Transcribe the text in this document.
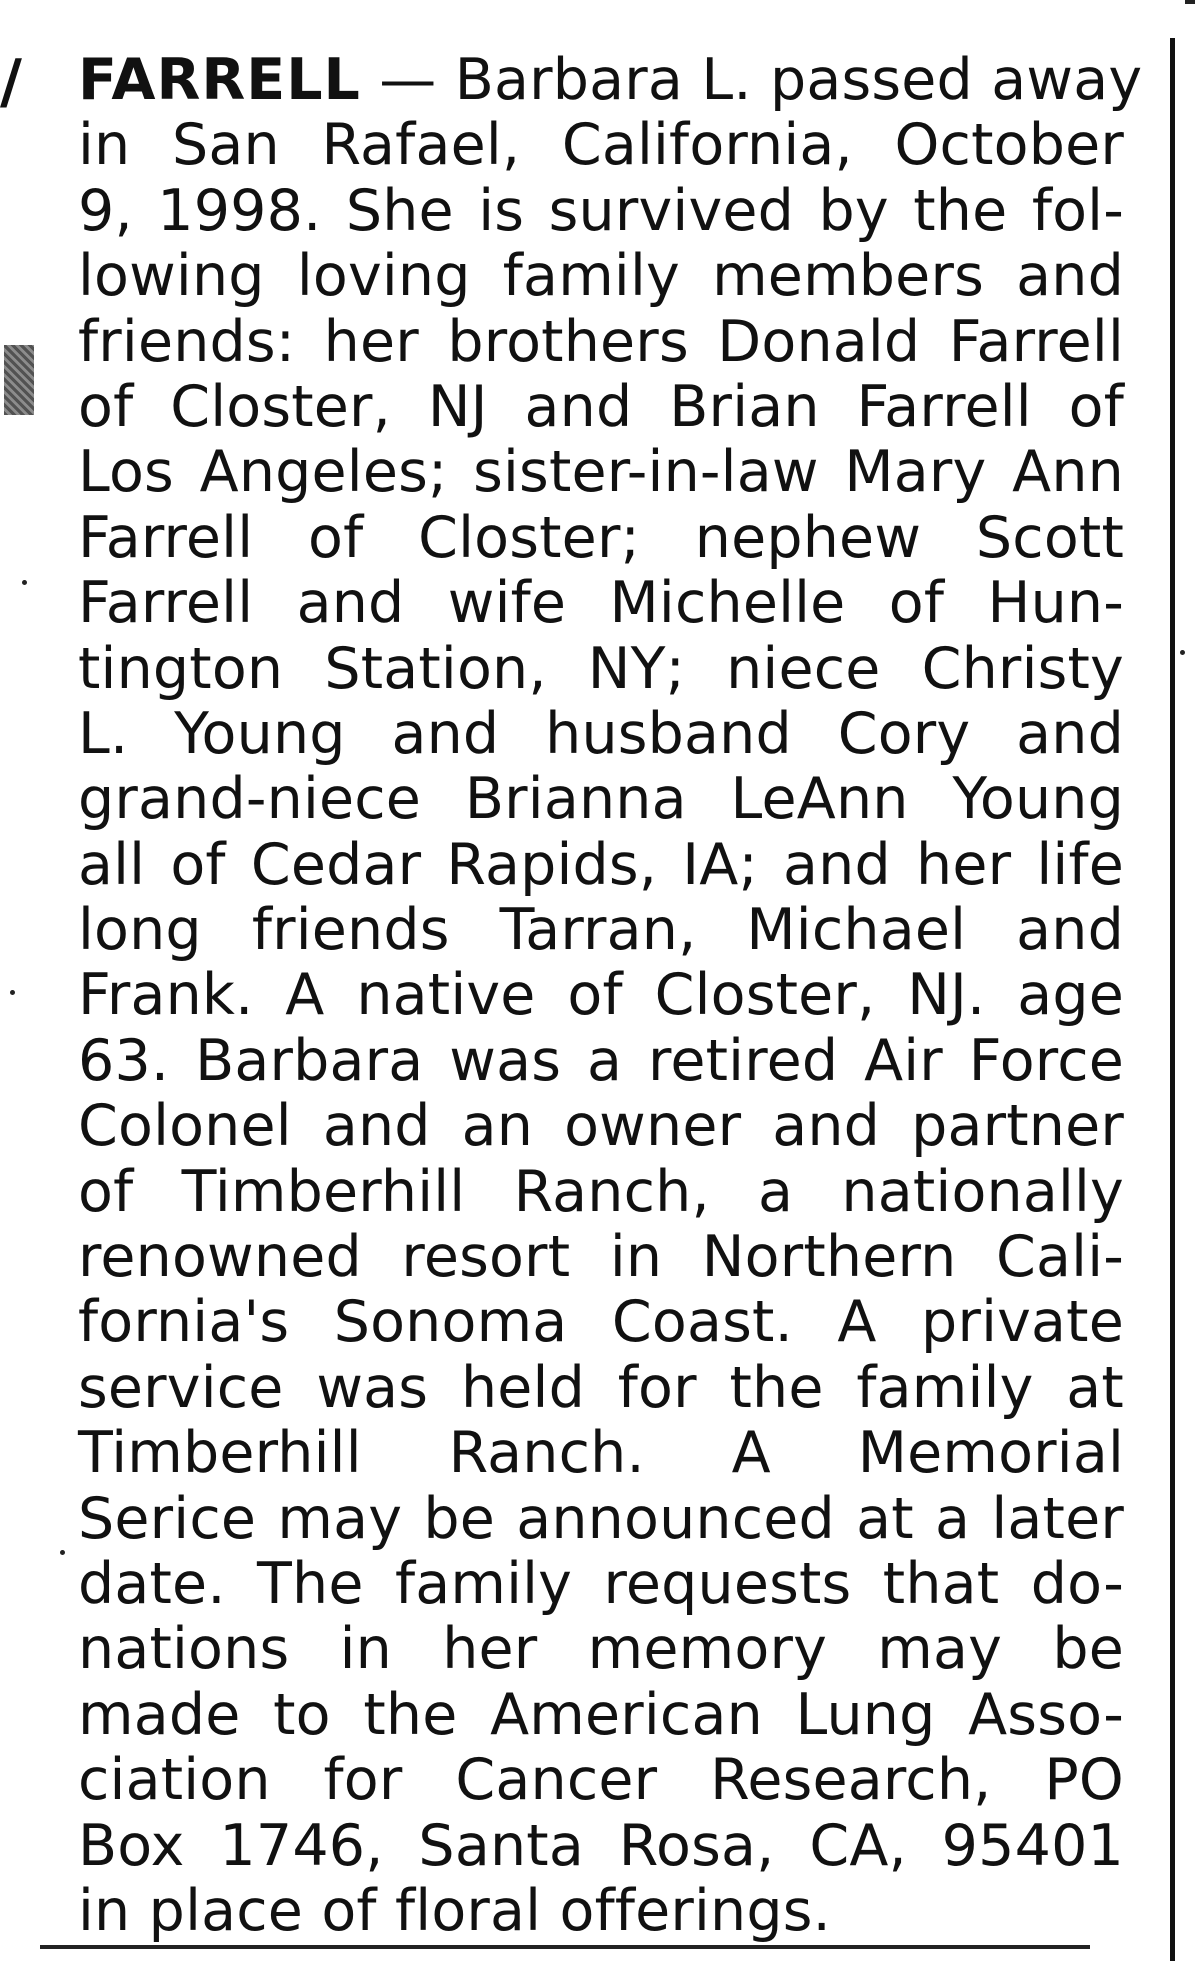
/ FARRELL — Barbara L. passed away
in San Rafael, California, October
9, 1998. She is survived by the fol-
lowing loving family members and
friends: her brothers Donald Farrell
of Closter, NJ and Brian Farrell of
Los Angeles; sister-in-law Mary Ann
Farrell of Closter; nephew Scott
Farrell and wife Michelle of Hun-
tington Station, NY; niece Christy
L. Young and husband Cory and
grand-niece Brianna LeAnn Young
all of Cedar Rapids, IA; and her life
long friends Tarran, Michael and
Frank. A native of Closter, NJ. age
63. Barbara was a retired Air Force
Colonel and an owner and partner
of Timberhill Ranch, a nationally
renowned resort in Northern Cali-
fornia's Sonoma Coast. A private
service was held for the family at
Timberhill Ranch. A Memorial
Serice may be announced at a later
date. The family requests that do-
nations in her memory may be
made to the American Lung Asso-
ciation for Cancer Research, PO
Box 1746, Santa Rosa, CA, 95401
in place of floral offerings.
